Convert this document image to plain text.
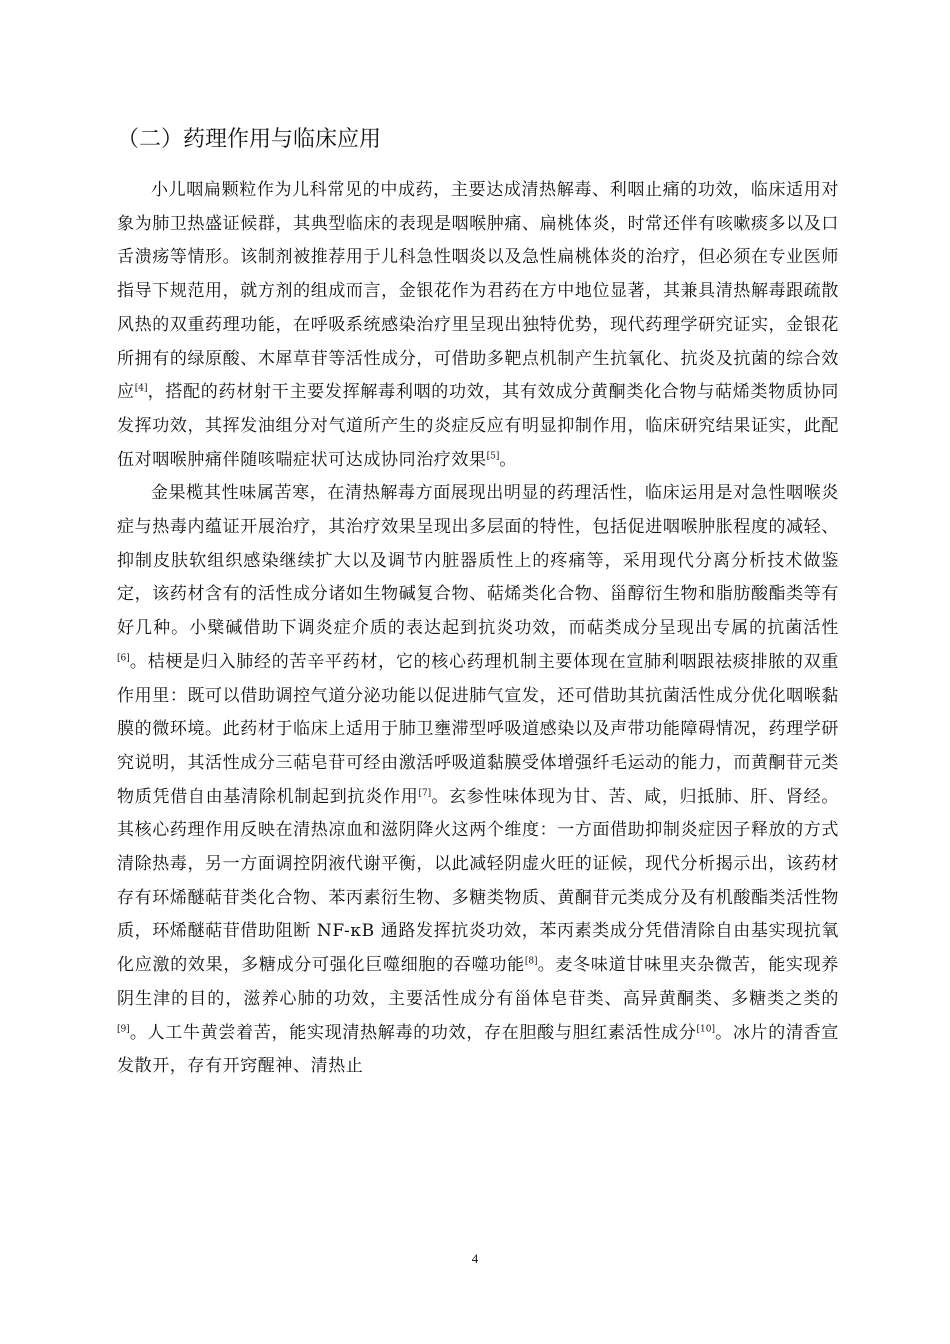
（二）药理作用与临床应用

小儿咽扁颗粒作为儿科常见的中成药，主要达成清热解毒、利咽止痛的功效，临床适用对象为肺卫热盛证候群，其典型临床的表现是咽喉肿痛、扁桃体炎，时常还伴有咳嗽痰多以及口舌溃疡等情形。该制剂被推荐用于儿科急性咽炎以及急性扁桃体炎的治疗，但必须在专业医师指导下规范用，就方剂的组成而言，金银花作为君药在方中地位显著，其兼具清热解毒跟疏散风热的双重药理功能，在呼吸系统感染治疗里呈现出独特优势，现代药理学研究证实，金银花所拥有的绿原酸、木犀草苷等活性成分，可借助多靶点机制产生抗氧化、抗炎及抗菌的综合效应[4]，搭配的药材射干主要发挥解毒利咽的功效，其有效成分黄酮类化合物与萜烯类物质协同发挥功效，其挥发油组分对气道所产生的炎症反应有明显抑制作用，临床研究结果证实，此配伍对咽喉肿痛伴随咳喘症状可达成协同治疗效果[5]。

金果榄其性味属苦寒，在清热解毒方面展现出明显的药理活性，临床运用是对急性咽喉炎症与热毒内蕴证开展治疗，其治疗效果呈现出多层面的特性，包括促进咽喉肿胀程度的减轻、抑制皮肤软组织感染继续扩大以及调节内脏器质性上的疼痛等，采用现代分离分析技术做鉴定，该药材含有的活性成分诸如生物碱复合物、萜烯类化合物、甾醇衍生物和脂肪酸酯类等有好几种。小檗碱借助下调炎症介质的表达起到抗炎功效，而萜类成分呈现出专属的抗菌活性[6]。桔梗是归入肺经的苦辛平药材，它的核心药理机制主要体现在宣肺利咽跟祛痰排脓的双重作用里：既可以借助调控气道分泌功能以促进肺气宣发，还可借助其抗菌活性成分优化咽喉黏膜的微环境。此药材于临床上适用于肺卫壅滞型呼吸道感染以及声带功能障碍情况，药理学研究说明，其活性成分三萜皂苷可经由激活呼吸道黏膜受体增强纤毛运动的能力，而黄酮苷元类物质凭借自由基清除机制起到抗炎作用[7]。玄参性味体现为甘、苦、咸，归抵肺、肝、肾经。其核心药理作用反映在清热凉血和滋阴降火这两个维度：一方面借助抑制炎症因子释放的方式清除热毒，另一方面调控阴液代谢平衡，以此减轻阴虚火旺的证候，现代分析揭示出，该药材存有环烯醚萜苷类化合物、苯丙素衍生物、多糖类物质、黄酮苷元类成分及有机酸酯类活性物质，环烯醚萜苷借助阻断 NF-κB 通路发挥抗炎功效，苯丙素类成分凭借清除自由基实现抗氧化应激的效果，多糖成分可强化巨噬细胞的吞噬功能[8]。麦冬味道甘味里夹杂微苦，能实现养阴生津的目的，滋养心肺的功效，主要活性成分有甾体皂苷类、高异黄酮类、多糖类之类的[9]。人工牛黄尝着苦，能实现清热解毒的功效，存在胆酸与胆红素活性成分[10]。冰片的清香宣发散开，存有开窍醒神、清热止

4
